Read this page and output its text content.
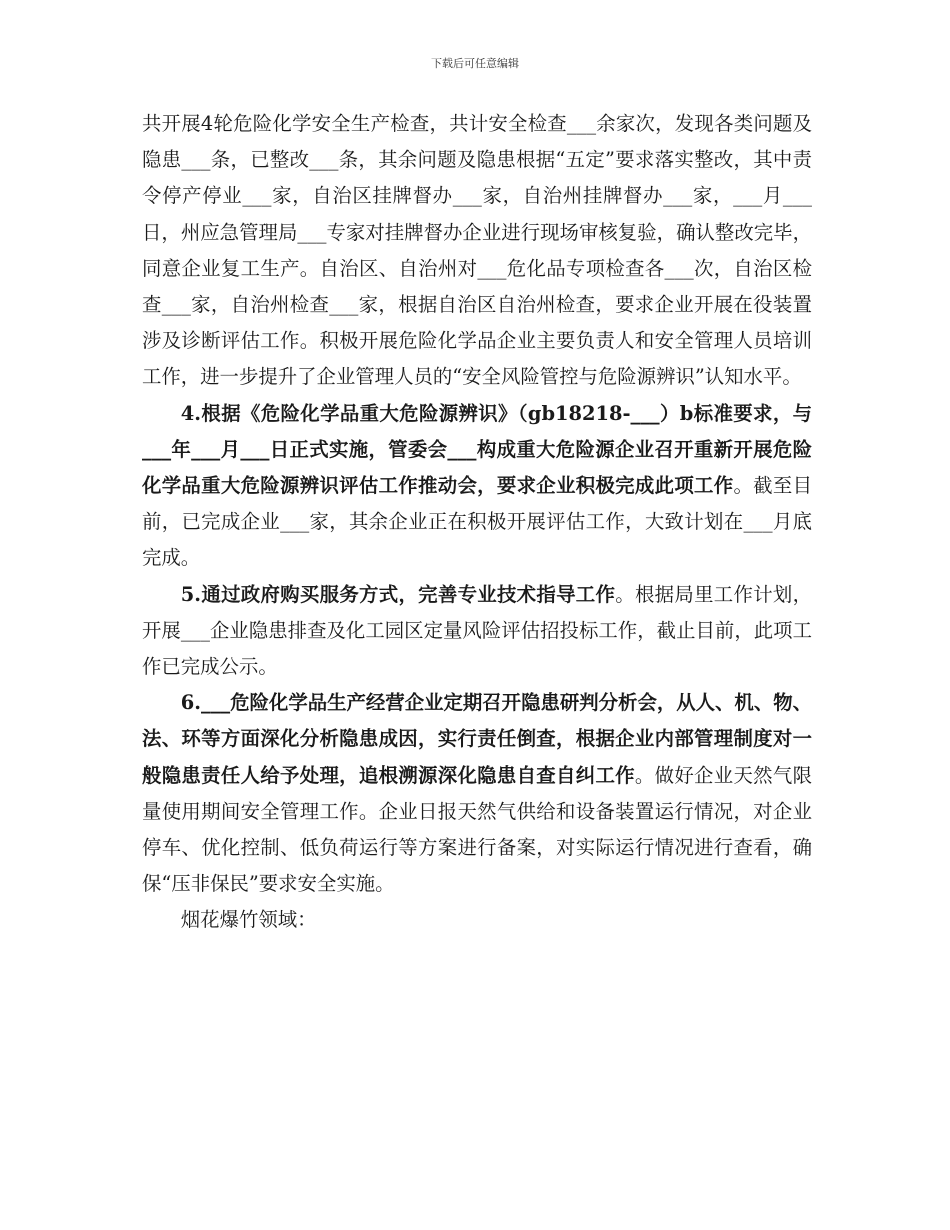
下载后可任意编辑

共开展4轮危险化学安全生产检查，共计安全检查___余家次，发现各类问题及隐患___条，已整改___条，其余问题及隐患根据“五定”要求落实整改，其中责令停产停业___家，自治区挂牌督办___家，自治州挂牌督办___家，___月___日，州应急管理局___专家对挂牌督办企业进行现场审核复验，确认整改完毕，同意企业复工生产。自治区、自治州对___危化品专项检查各___次，自治区检查___家，自治州检查___家，根据自治区自治州检查，要求企业开展在役装置涉及诊断评估工作。积极开展危险化学品企业主要负责人和安全管理人员培训工作，进一步提升了企业管理人员的“安全风险管控与危险源辨识”认知水平。

4.根据《危险化学品重大危险源辨识》（gb18218-___）b标准要求，与___年___月___日正式实施，管委会___构成重大危险源企业召开重新开展危险化学品重大危险源辨识评估工作推动会，要求企业积极完成此项工作。截至目前，已完成企业___家，其余企业正在积极开展评估工作，大致计划在___月底完成。

5.通过政府购买服务方式，完善专业技术指导工作。根据局里工作计划，开展___企业隐患排查及化工园区定量风险评估招投标工作，截止目前，此项工作已完成公示。

6.___危险化学品生产经营企业定期召开隐患研判分析会，从人、机、物、法、环等方面深化分析隐患成因，实行责任倒查，根据企业内部管理制度对一般隐患责任人给予处理，追根溯源深化隐患自查自纠工作。做好企业天然气限量使用期间安全管理工作。企业日报天然气供给和设备装置运行情况，对企业停车、优化控制、低负荷运行等方案进行备案，对实际运行情况进行查看，确保“压非保民”要求安全实施。

烟花爆竹领域：
